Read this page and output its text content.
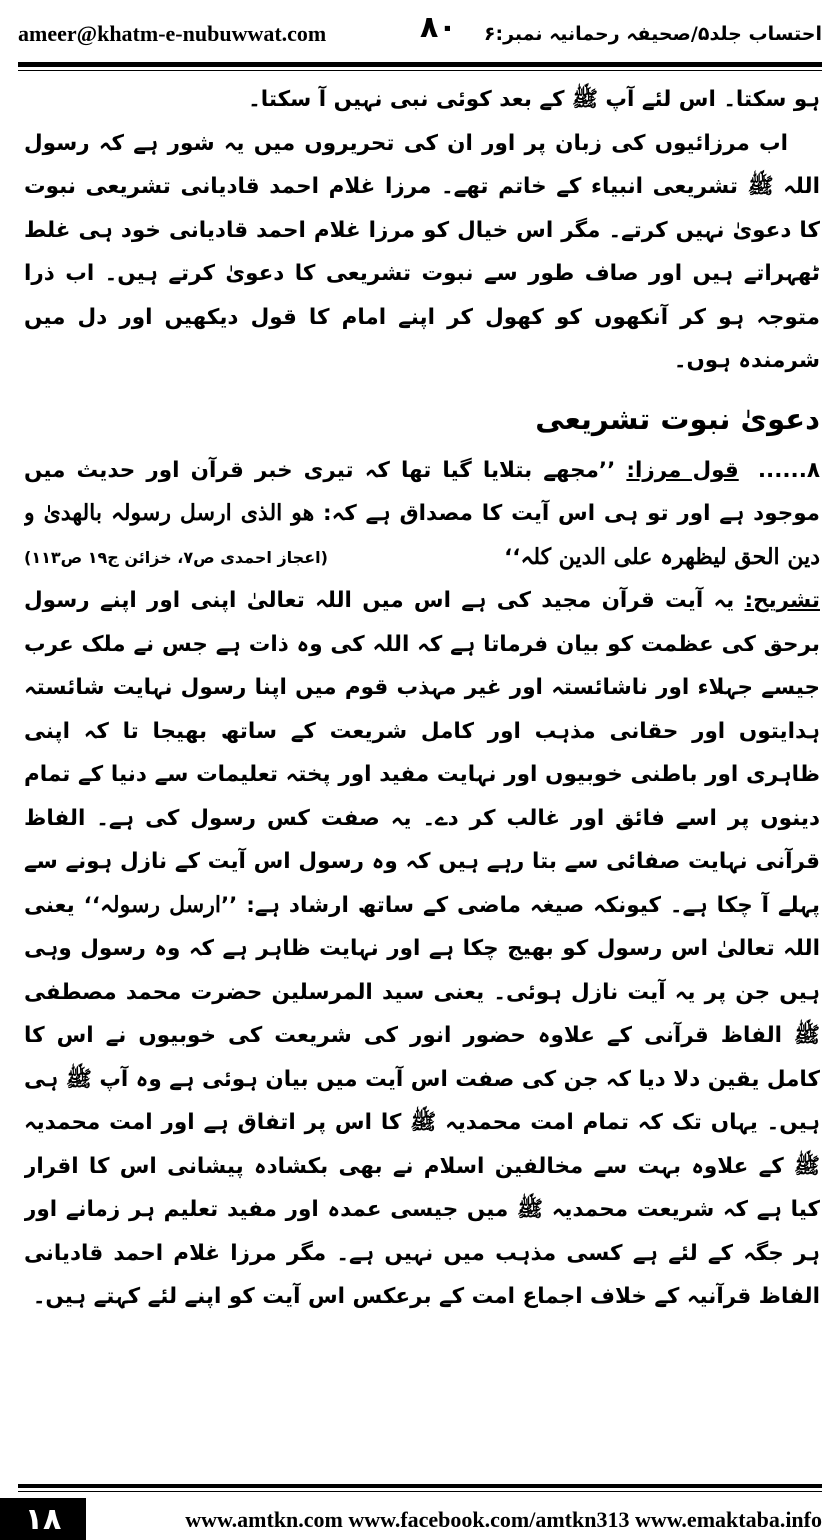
ameer@khatm-e-nubuwwat.com	۸۰ احتساب جلد۵/صحیفہ رحمانیہ نمبر:۶

ہو سکتا۔ اس لئے آپ ﷺ کے بعد کوئی نبی نہیں آ سکتا۔

اب مرزائیوں کی زبان پر اور ان کی تحریروں میں یہ شور ہے کہ رسول اللہ ﷺ تشریعی انبیاء کے خاتم تھے۔ مرزا غلام احمد قادیانی تشریعی نبوت کا دعویٰ نہیں کرتے۔ مگر اس خیال کو مرزا غلام احمد قادیانی خود ہی غلط ٹھہراتے ہیں اور صاف طور سے نبوت تشریعی کا دعویٰ کرتے ہیں۔ اب ذرا متوجہ ہو کر آنکھوں کو کھول کر اپنے امام کا قول دیکھیں اور دل میں شرمندہ ہوں۔

دعویٰ نبوت تشریعی

۸...... قول مرزا: ’’مجھے بتلایا گیا تھا کہ تیری خبر قرآن اور حدیث میں موجود ہے اور تو ہی اس آیت کا مصداق ہے کہ: ھو الذی ارسل رسولہ بالھدیٰ و دین الحق لیظھرہ علی الدین کلہ‘‘
(اعجاز احمدی ص۷، خزائن ج۱۹ ص۱۱۳)

تشریح: یہ آیت قرآن مجید کی ہے اس میں اللہ تعالیٰ اپنی اور اپنے رسول برحق کی عظمت کو بیان فرماتا ہے کہ اللہ کی وہ ذات ہے جس نے ملک عرب جیسے جہلاء اور ناشائستہ اور غیر مہذب قوم میں اپنا رسول نہایت شائستہ ہدایتوں اور حقانی مذہب اور کامل شریعت کے ساتھ بھیجا تا کہ اپنی ظاہری اور باطنی خوبیوں اور نہایت مفید اور پختہ تعلیمات سے دنیا کے تمام دینوں پر اسے فائق اور غالب کر دے۔ یہ صفت کس رسول کی ہے۔ الفاظ قرآنی نہایت صفائی سے بتا رہے ہیں کہ وہ رسول اس آیت کے نازل ہونے سے پہلے آ چکا ہے۔ کیونکہ صیغہ ماضی کے ساتھ ارشاد ہے: ’’ارسل رسولہ‘‘ یعنی اللہ تعالیٰ اس رسول کو بھیج چکا ہے اور نہایت ظاہر ہے کہ وہ رسول وہی ہیں جن پر یہ آیت نازل ہوئی۔ یعنی سید المرسلین حضرت محمد مصطفی ﷺ الفاظ قرآنی کے علاوہ حضور انور کی شریعت کی خوبیوں نے اس کا کامل یقین دلا دیا کہ جن کی صفت اس آیت میں بیان ہوئی ہے وہ آپ ﷺ ہی ہیں۔ یہاں تک کہ تمام امت محمدیہ ﷺ کا اس پر اتفاق ہے اور امت محمدیہ ﷺ کے علاوہ بہت سے مخالفین اسلام نے بھی بکشادہ پیشانی اس کا اقرار کیا ہے کہ شریعت محمدیہ ﷺ میں جیسی عمدہ اور مفید تعلیم ہر زمانے اور ہر جگہ کے لئے ہے کسی مذہب میں نہیں ہے۔ مگر مرزا غلام احمد قادیانی الفاظ قرآنیہ کے خلاف اجماع امت کے برعکس اس آیت کو اپنے لئے کہتے ہیں۔

۱۸	www.amtkn.com www.facebook.com/amtkn313 www.emaktaba.info
